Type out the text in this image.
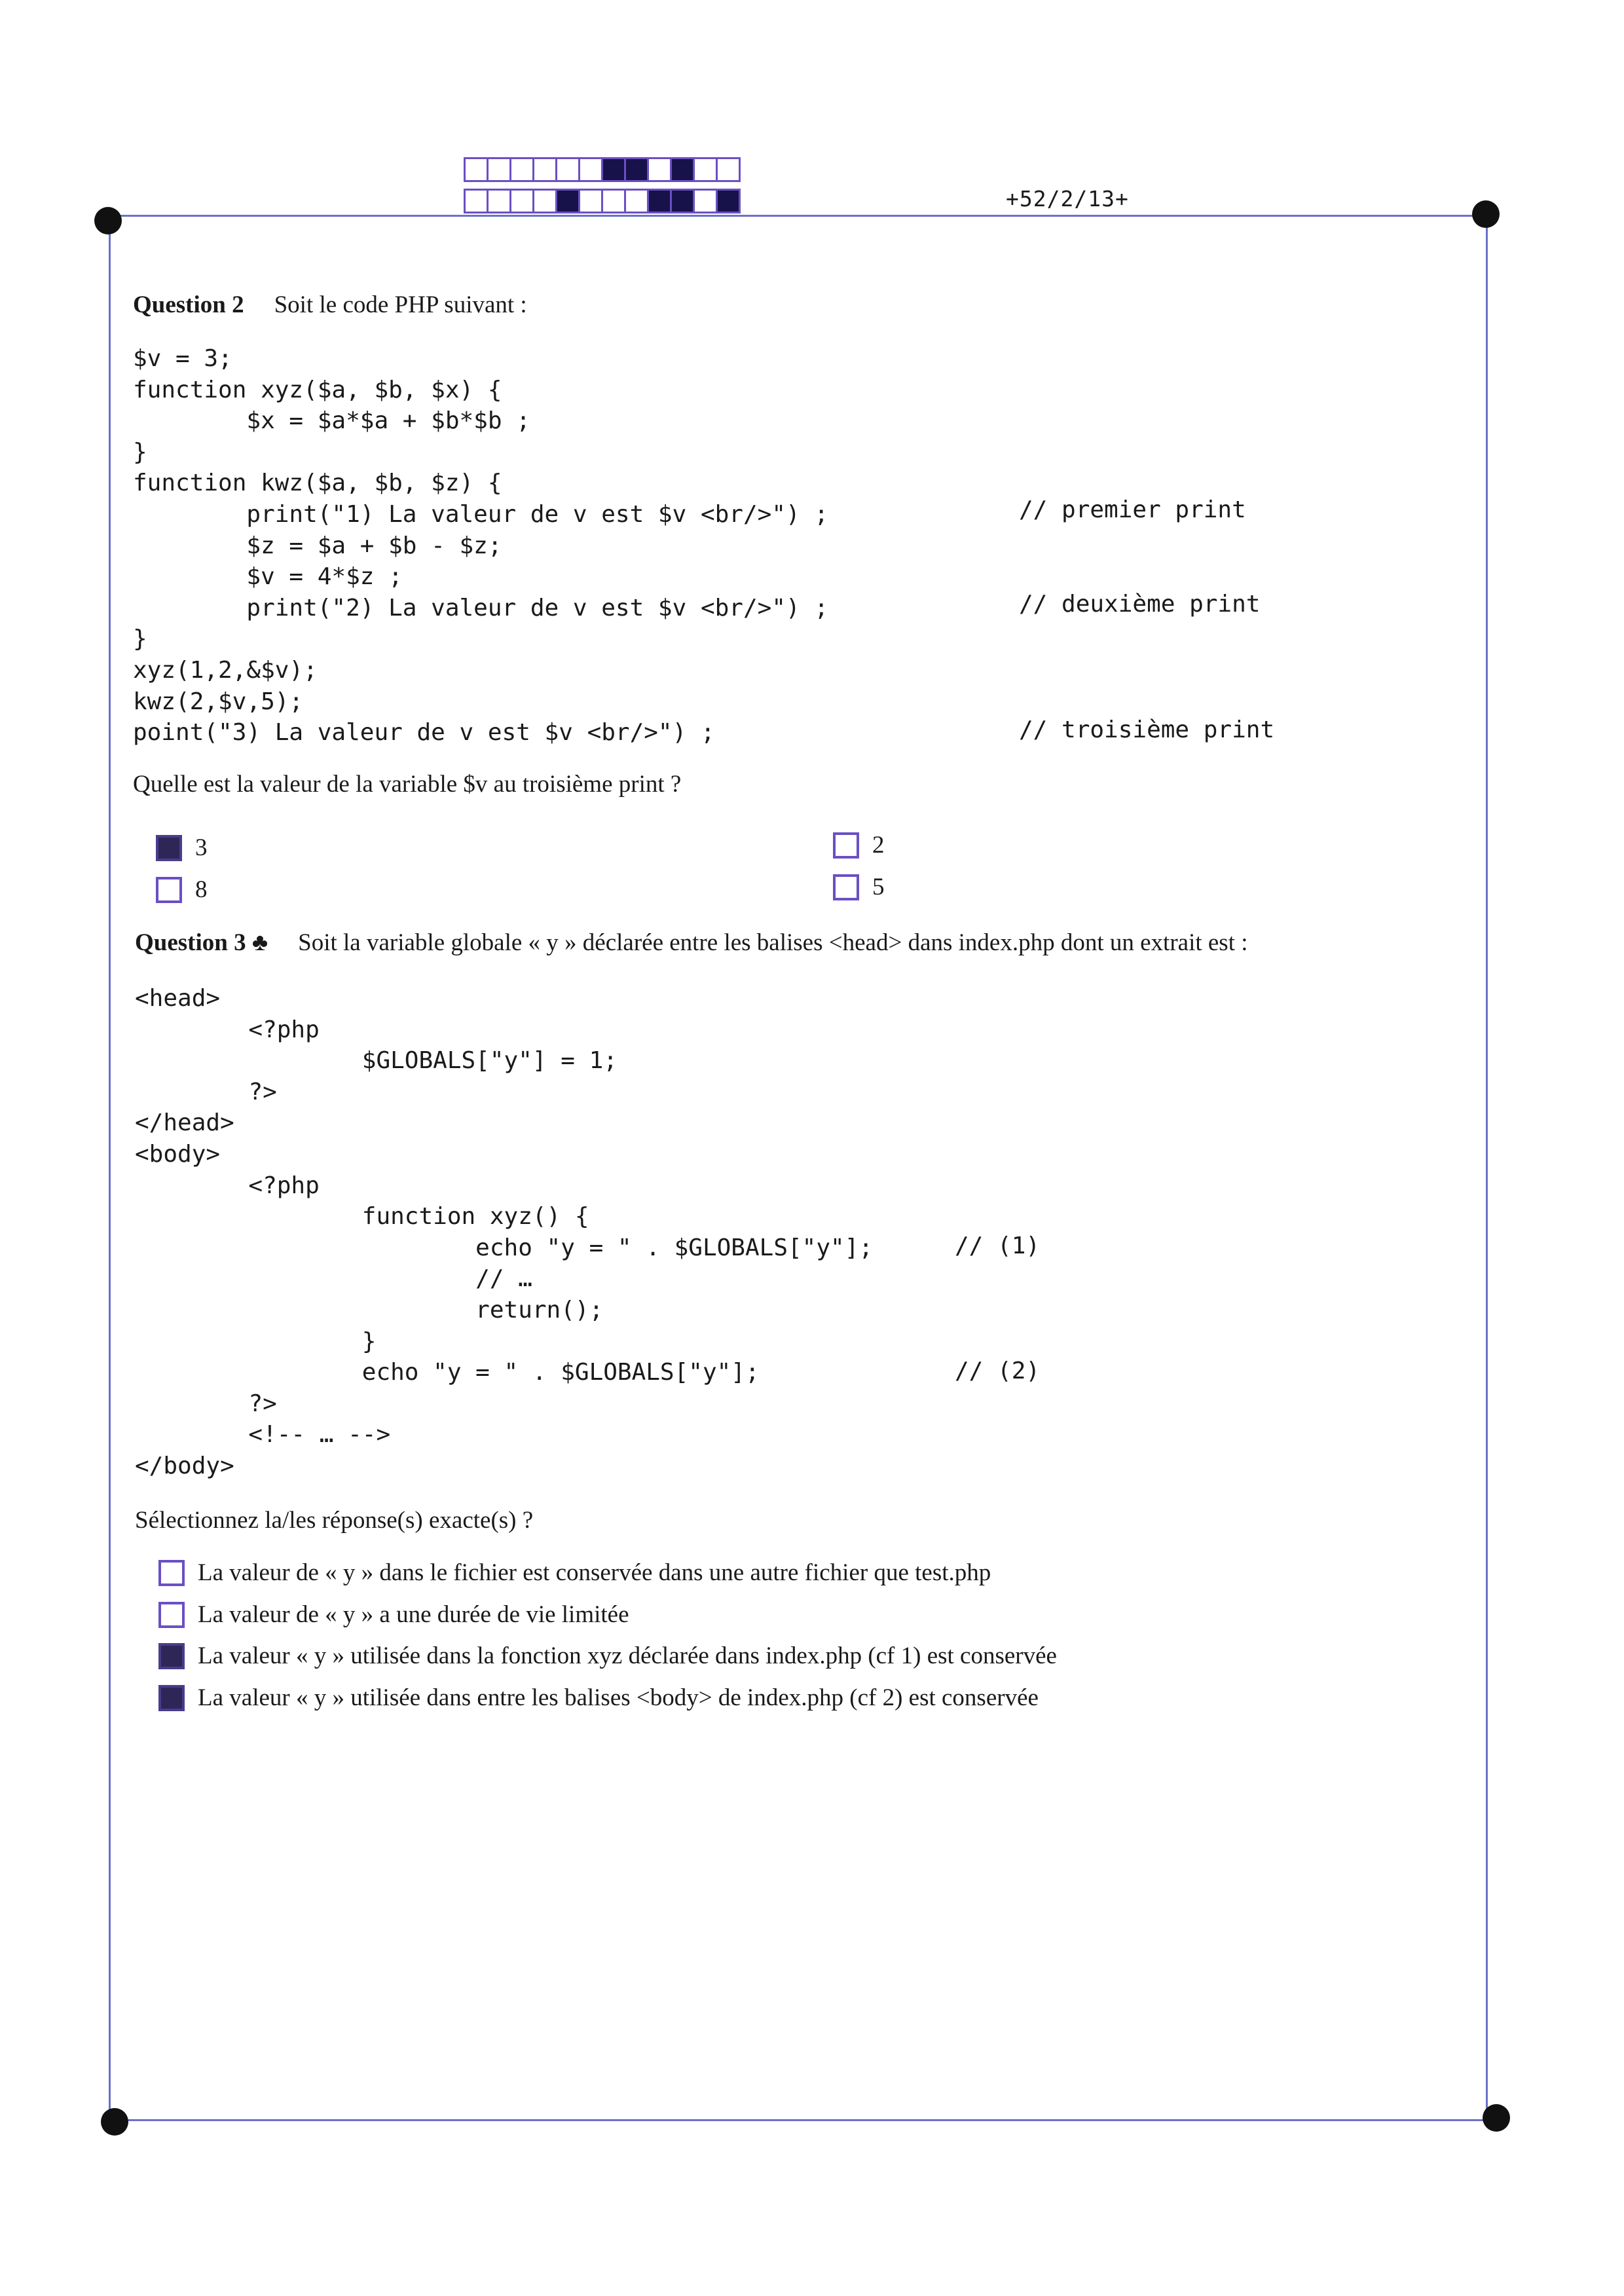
+52/2/13+
Question 2 Soit le code PHP suivant :
$v = 3;
function xyz($a, $b, $x) {
$x = $a*$a + $b*$b ;
}
function kwz($a, $b, $z) {
print("1) La valeur de v est $v <br/>") ;
$z = $a + $b - $z;
$v = 4*$z ;
print("2) La valeur de v est $v <br/>") ;
}
xyz(1,2,&$v);
kwz(2,$v,5);
point("3) La valeur de v est $v <br/>") ;
// premier print
// deuxième print
// troisième print
Quelle est la valeur de la variable $v au troisième print ?
3
8
2
5
Question 3 ♣ Soit la variable globale « y » déclarée entre les balises <head> dans index.php dont un extrait est :
<head>
<?php
$GLOBALS["y"] = 1;
?>
</head>
<body>
<?php
function xyz() {
echo "y = " . $GLOBALS["y"];
// …
return();
}
echo "y = " . $GLOBALS["y"];
?>
<!-- … -->
</body>
// (1)
// (2)
Sélectionnez la/les réponse(s) exacte(s) ?
La valeur de « y » dans le fichier est conservée dans une autre fichier que test.php
La valeur de « y » a une durée de vie limitée
La valeur « y » utilisée dans la fonction xyz déclarée dans index.php (cf 1) est conservée
La valeur « y » utilisée dans entre les balises <body> de index.php (cf 2) est conservée
